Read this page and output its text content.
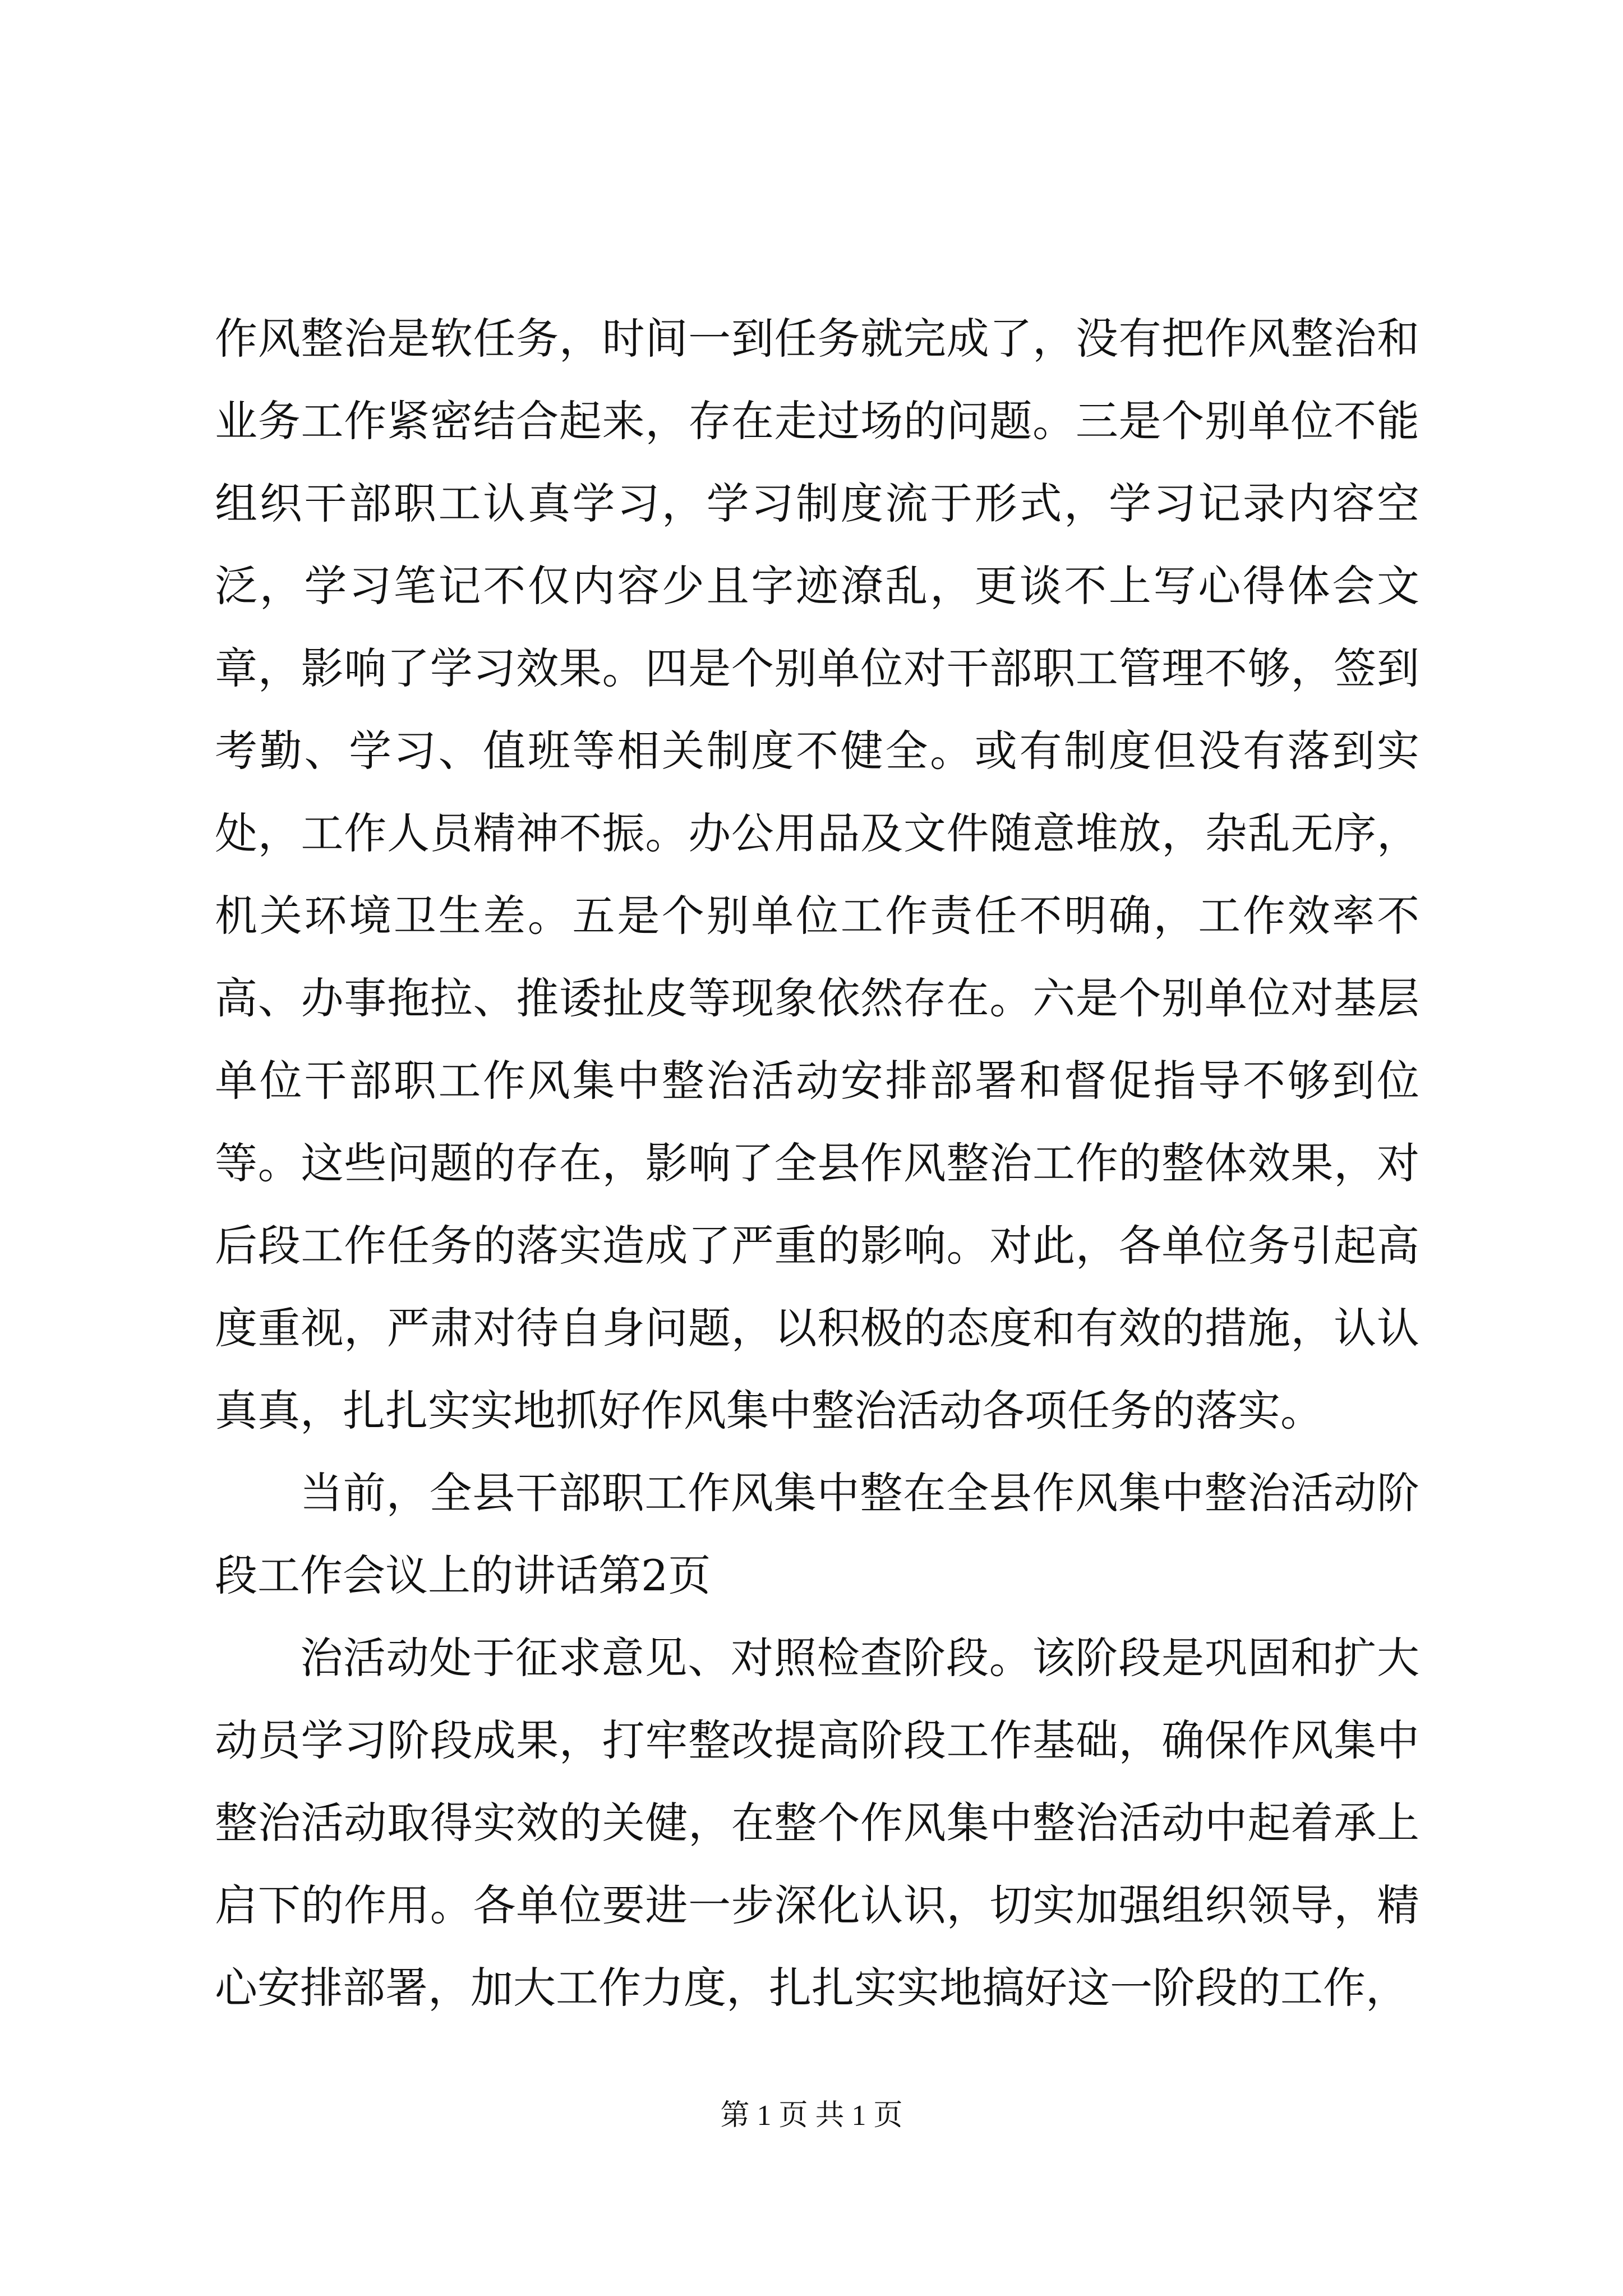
作风整治是软任务，时间一到任务就完成了，没有把作风整治和业务工作紧密结合起来，存在走过场的问题。三是个别单位不能组织干部职工认真学习，学习制度流于形式，学习记录内容空泛，学习笔记不仅内容少且字迹潦乱，更谈不上写心得体会文章，影响了学习效果。四是个别单位对干部职工管理不够，签到考勤、学习、值班等相关制度不健全。或有制度但没有落到实处，工作人员精神不振。办公用品及文件随意堆放，杂乱无序，机关环境卫生差。五是个别单位工作责任不明确，工作效率不高、办事拖拉、推诿扯皮等现象依然存在。六是个别单位对基层单位干部职工作风集中整治活动安排部署和督促指导不够到位等。这些问题的存在，影响了全县作风整治工作的整体效果，对后段工作任务的落实造成了严重的影响。对此，各单位务引起高度重视，严肃对待自身问题，以积极的态度和有效的措施，认认真真，扎扎实实地抓好作风集中整治活动各项任务的落实。

当前，全县干部职工作风集中整在全县作风集中整治活动阶段工作会议上的讲话第2页

治活动处于征求意见、对照检查阶段。该阶段是巩固和扩大动员学习阶段成果，打牢整改提高阶段工作基础，确保作风集中整治活动取得实效的关健，在整个作风集中整治活动中起着承上启下的作用。各单位要进一步深化认识，切实加强组织领导，精心安排部署，加大工作力度，扎扎实实地搞好这一阶段的工作，

第 1 页 共 1 页
